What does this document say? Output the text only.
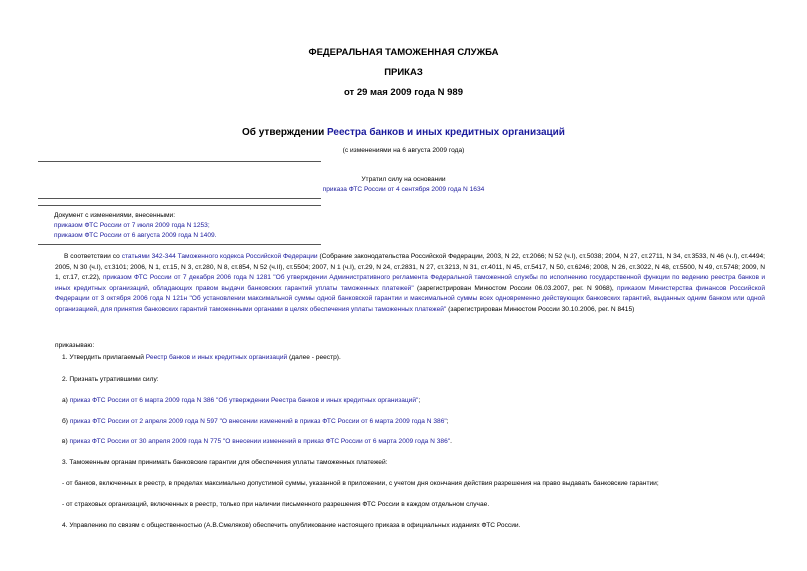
ФЕДЕРАЛЬНАЯ ТАМОЖЕННАЯ СЛУЖБА
ПРИКАЗ
от 29 мая 2009 года N 989
Об утверждении Реестра банков и иных кредитных организаций
(с изменениями на 6 августа 2009 года)
Утратил силу на основании
приказа ФТС России от 4 сентября 2009 года N 1634
Документ с изменениями, внесенными:
приказом ФТС России от 7 июля 2009 года N 1253;
приказом ФТС России от 6 августа 2009 года N 1409.
В соответствии со статьями 342-344 Таможенного кодекса Российской Федерации (Собрание законодательства Российской Федерации, 2003, N 22, ст.2066; N 52 (ч.I), ст.5038; 2004, N 27, ст.2711, N 34, ст.3533, N 46 (ч.I), ст.4494; 2005, N 30 (ч.I), ст.3101; 2006, N 1, ст.15, N 3, ст.280, N 8, ст.854, N 52 (ч.II), ст.5504; 2007, N 1 (ч.I), ст.29, N 24, ст.2831, N 27, ст.3213, N 31, ст.4011, N 45, ст.5417, N 50, ст.6246; 2008, N 26, ст.3022, N 48, ст.5500, N 49, ст.5748; 2009, N 1, ст.17, ст.22), приказом ФТС России от 7 декабря 2006 года N 1281 "Об утверждении Административного регламента Федеральной таможенной службы по исполнению государственной функции по ведению реестра банков и иных кредитных организаций, обладающих правом выдачи банковских гарантий уплаты таможенных платежей" (зарегистрирован Минюстом России 06.03.2007, рег. N 9068), приказом Министерства финансов Российской Федерации от 3 октября 2006 года N 121н "Об установлении максимальной суммы одной банковской гарантии и максимальной суммы всех одновременно действующих банковских гарантий, выданных одним банком или одной организацией, для принятия банковских гарантий таможенными органами в целях обеспечения уплаты таможенных платежей" (зарегистрирован Минюстом России 30.10.2006, рег. N 8415)
приказываю:
1. Утвердить прилагаемый Реестр банков и иных кредитных организаций (далее - реестр).
2. Признать утратившими силу:
а) приказ ФТС России от 6 марта 2009 года N 386 "Об утверждении Реестра банков и иных кредитных организаций";
б) приказ ФТС России от 2 апреля 2009 года N 597 "О внесении изменений в приказ ФТС России от 6 марта 2009 года N 386";
в) приказ ФТС России от 30 апреля 2009 года N 775 "О внесении изменений в приказ ФТС России от 6 марта 2009 года N 386".
3. Таможенным органам принимать банковские гарантии для обеспечения уплаты таможенных платежей:
- от банков, включенных в реестр, в пределах максимально допустимой суммы, указанной в приложении, с учетом дня окончания действия разрешения на право выдавать банковские гарантии;
- от страховых организаций, включенных в реестр, только при наличии письменного разрешения ФТС России в каждом отдельном случае.
4. Управлению по связям с общественностью (А.В.Смеляков) обеспечить опубликование настоящего приказа в официальных изданиях ФТС России.
